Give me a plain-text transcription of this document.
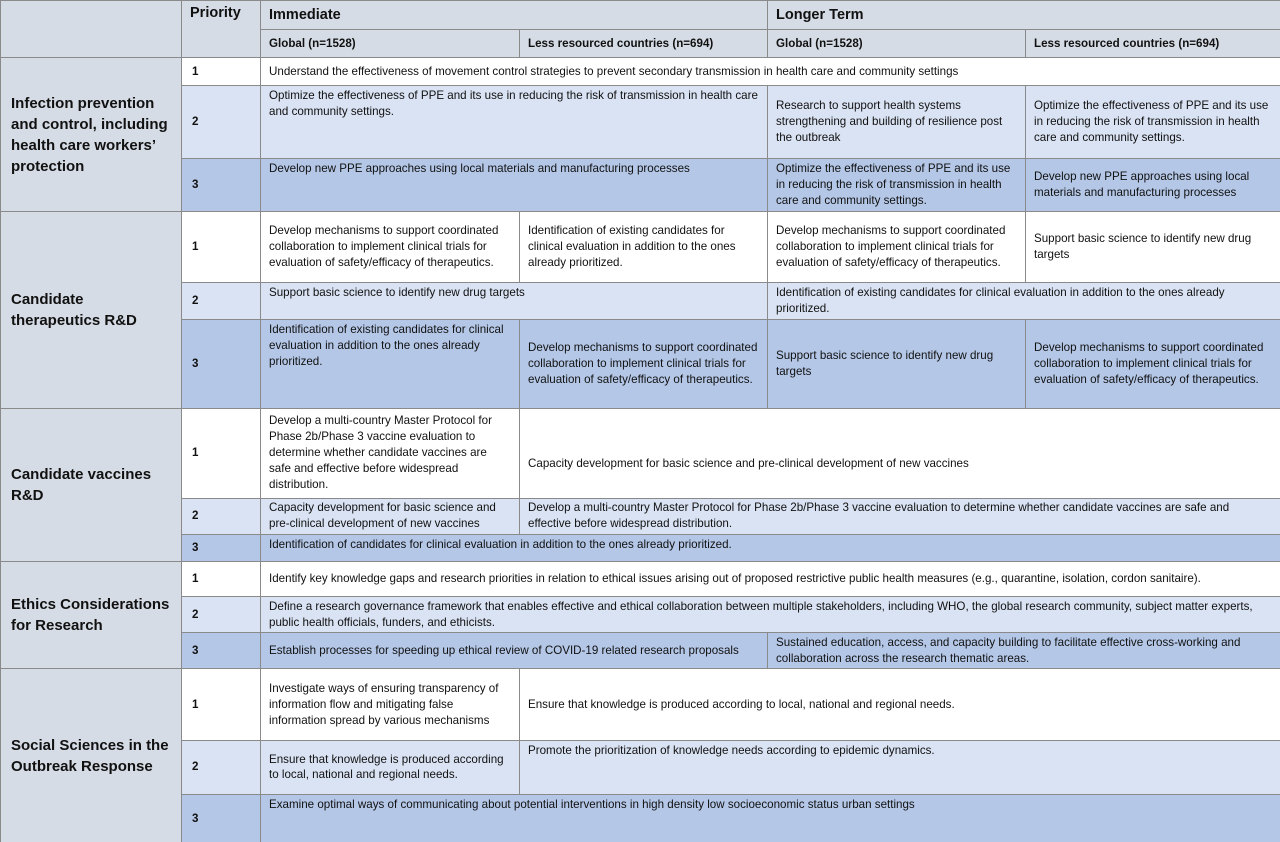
	Priority	Immediate		Longer Term	
		Global (n=1528)	Less resourced countries (n=694)	Global (n=1528)	Less resourced countries (n=694)
Infection prevention and control, including health care workers’ protection	1	Understand the effectiveness of movement control strategies to prevent secondary transmission in health care and community settings			
	2	Optimize the effectiveness of PPE and its use in reducing the risk of transmission in health care and community settings.		Research to support health systems strengthening and building of resilience post the outbreak	Optimize the effectiveness of PPE and its use in reducing the risk of transmission in health care and community settings.
	3	Develop new PPE approaches using local materials and manufacturing processes		Optimize the effectiveness of PPE and its use in reducing the risk of transmission in health care and community settings.	Develop new PPE approaches using local materials and manufacturing processes
Candidate therapeutics R&D	1	Develop mechanisms to support coordinated collaboration to implement clinical trials for evaluation of safety/efficacy of therapeutics.	Identification of existing candidates for clinical evaluation in addition to the ones already prioritized.	Develop mechanisms to support coordinated collaboration to implement clinical trials for evaluation of safety/efficacy of therapeutics.	Support basic science to identify new drug targets
	2	Support basic science to identify new drug targets		Identification of existing candidates for clinical evaluation in addition to the ones already prioritized.	
	3	Identification of existing candidates for clinical evaluation in addition to the ones already prioritized.	Develop mechanisms to support coordinated collaboration to implement clinical trials for evaluation of safety/efficacy of therapeutics.	Support basic science to identify new drug targets	Develop mechanisms to support coordinated collaboration to implement clinical trials for evaluation of safety/efficacy of therapeutics.
Candidate vaccines R&D	1	Develop a multi-country Master Protocol for Phase 2b/Phase 3 vaccine evaluation to determine whether candidate vaccines are safe and effective before widespread distribution.	Capacity development for basic science and pre-clinical development of new vaccines		
	2	Capacity development for basic science and pre-clinical development of new vaccines	Develop a multi-country Master Protocol for Phase 2b/Phase 3 vaccine evaluation to determine whether candidate vaccines are safe and effective before widespread distribution.		
	3	Identification of candidates for clinical evaluation in addition to the ones already prioritized.			
Ethics Considerations for Research	1	Identify key knowledge gaps and research priorities in relation to ethical issues arising out of proposed restrictive public health measures (e.g., quarantine, isolation, cordon sanitaire).			
	2	Define a research governance framework that enables effective and ethical collaboration between multiple stakeholders, including WHO, the global research community, subject matter experts, public health officials, funders, and ethicists.			
	3	Establish processes for speeding up ethical review of COVID-19 related research proposals		Sustained education, access, and capacity building to facilitate effective cross-working and collaboration across the research thematic areas.	
Social Sciences in the Outbreak Response	1	Investigate ways of ensuring transparency of information flow and mitigating false information spread by various mechanisms	Ensure that knowledge is produced according to local, national and regional needs.		
	2	Ensure that knowledge is produced according to local, national and regional needs.	Promote the prioritization of knowledge needs according to epidemic dynamics.		
	3	Examine optimal ways of communicating about potential interventions in high density low socioeconomic status urban settings			
